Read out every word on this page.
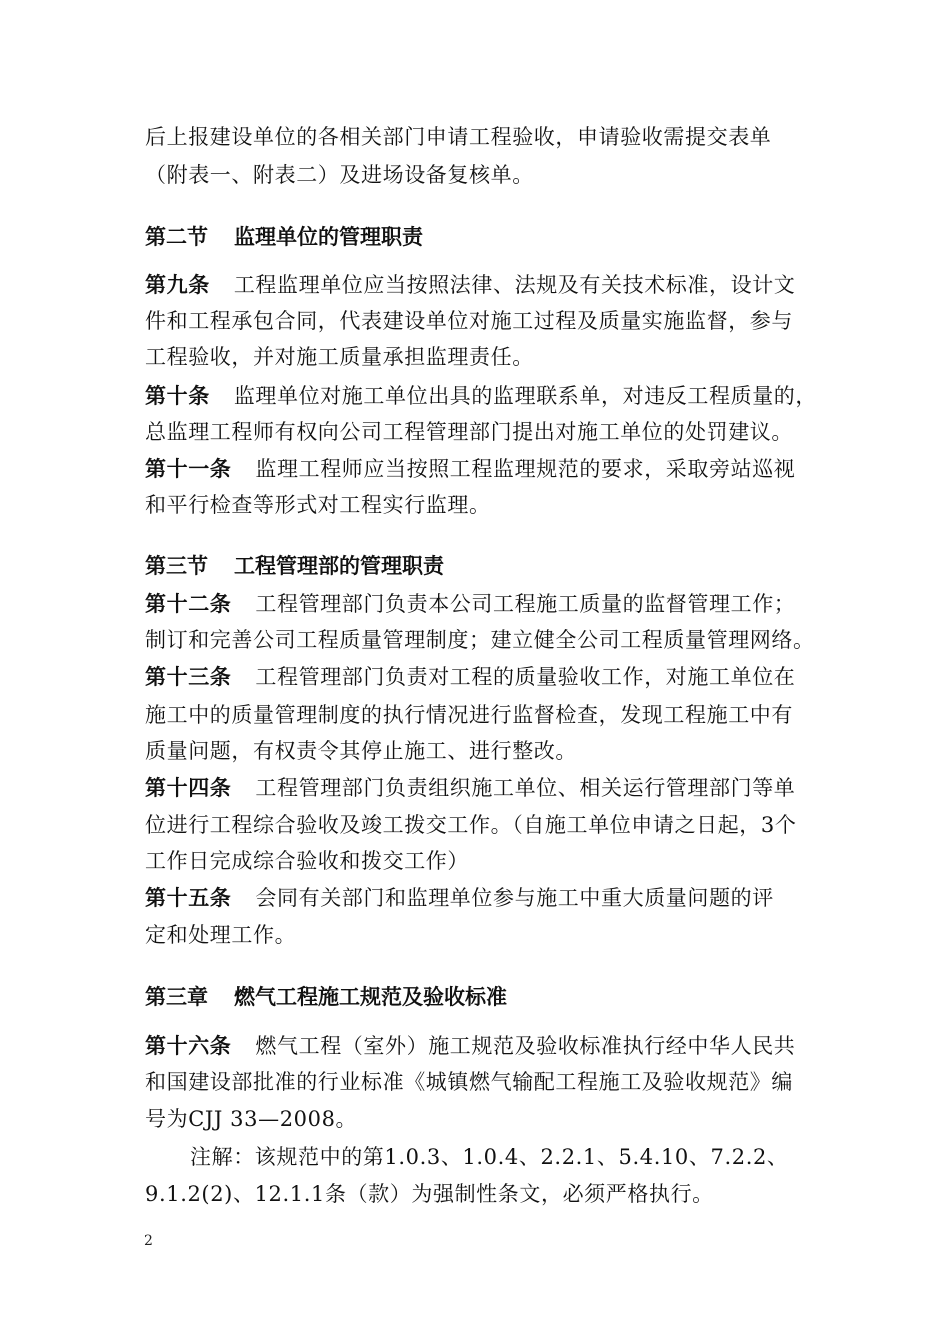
后上报建设单位的各相关部门申请工程验收，申请验收需提交表单
（附表一、附表二）及进场设备复核单。
第二节 监理单位的管理职责
第九条 工程监理单位应当按照法律、法规及有关技术标准，设计文
件和工程承包合同，代表建设单位对施工过程及质量实施监督，参与
工程验收，并对施工质量承担监理责任。
第十条 监理单位对施工单位出具的监理联系单，对违反工程质量的，
总监理工程师有权向公司工程管理部门提出对施工单位的处罚建议。
第十一条 监理工程师应当按照工程监理规范的要求，采取旁站巡视
和平行检查等形式对工程实行监理。
第三节 工程管理部的管理职责
第十二条 工程管理部门负责本公司工程施工质量的监督管理工作；
制订和完善公司工程质量管理制度；建立健全公司工程质量管理网络。
第十三条 工程管理部门负责对工程的质量验收工作，对施工单位在
施工中的质量管理制度的执行情况进行监督检查，发现工程施工中有
质量问题，有权责令其停止施工、进行整改。
第十四条 工程管理部门负责组织施工单位、相关运行管理部门等单
位进行工程综合验收及竣工拨交工作。（自施工单位申请之日起，3个
工作日完成综合验收和拨交工作）
第十五条 会同有关部门和监理单位参与施工中重大质量问题的评
定和处理工作。
第三章 燃气工程施工规范及验收标准
第十六条 燃气工程（室外）施工规范及验收标准执行经中华人民共
和国建设部批准的行业标准《城镇燃气输配工程施工及验收规范》编
号为CJJ 33—2008。
注解：该规范中的第1.0.3、1.0.4、2.2.1、5.4.10、7.2.2、
9.1.2(2)、12.1.1条（款）为强制性条文，必须严格执行。
2
